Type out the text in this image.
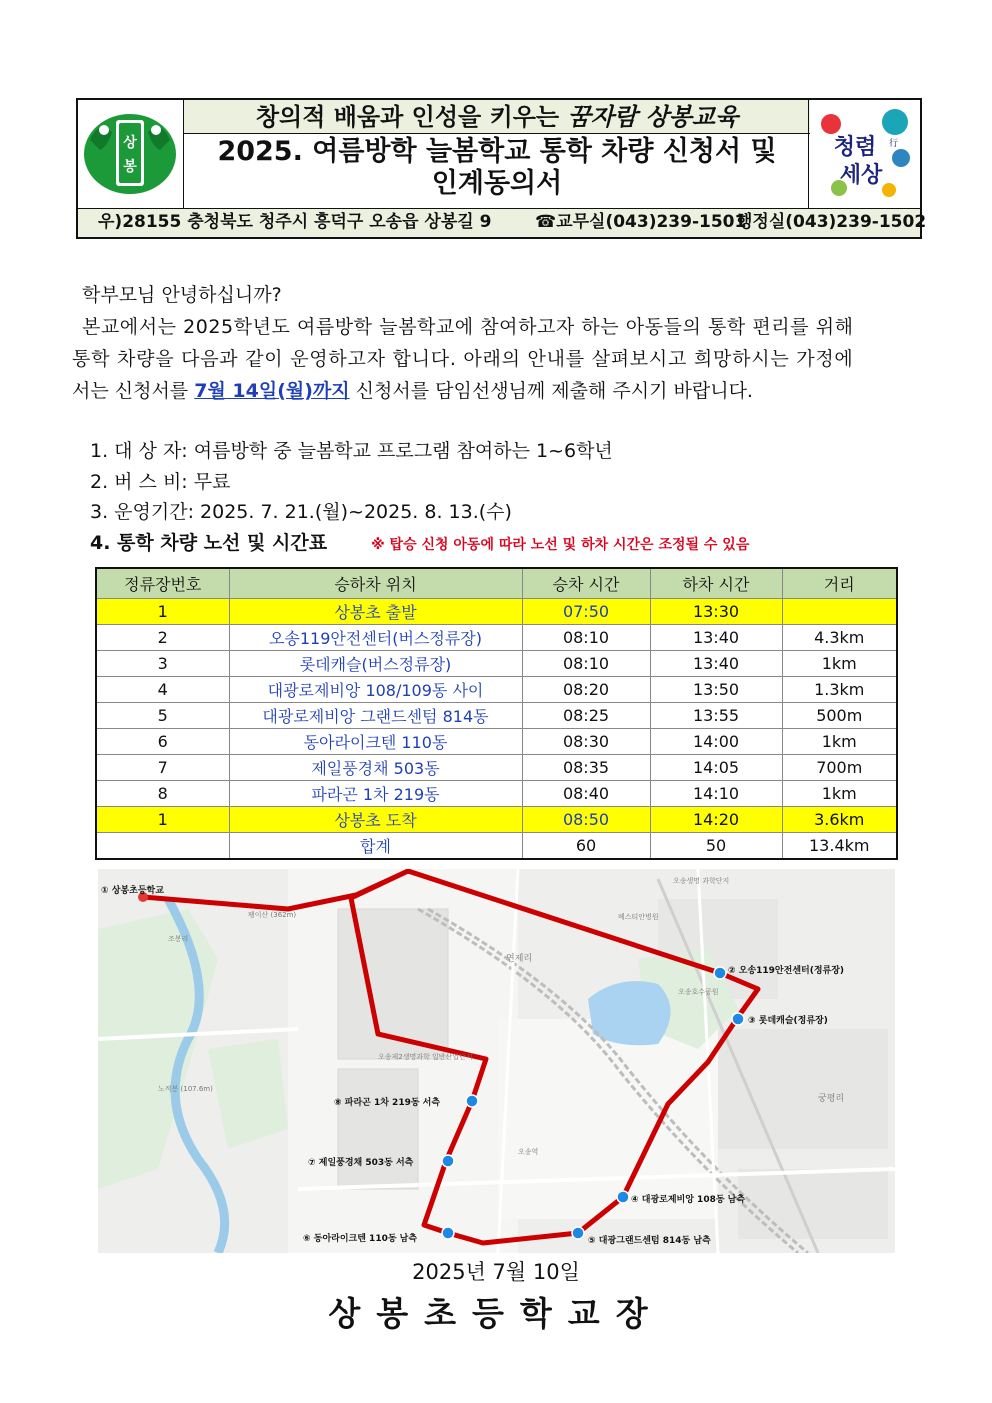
상
봉
창의적 배움과 인성을 키우는 꿈자람 상봉교육
2025. 여름방학 늘봄학교 통학 차량 신청서 및
인계동의서
청렴
세상
行
우)28155 충청북도 청주시 흥덕구 오송읍 상봉길 9	☎교무실(043)239-1501
행정실(043)239-1502
학부모님 안녕하십니까?
본교에서는 2025학년도 여름방학 늘봄학교에 참여하고자 하는 아동들의 통학 편리를 위해
통학 차량을 다음과 같이 운영하고자 합니다. 아래의 안내를 살펴보시고 희망하시는 가정에
서는 신청서를 7월 14일(월)까지 신청서를 담임선생님께 제출해 주시기 바랍니다.
1. 대 상 자: 여름방학 중 늘봄학교 프로그램 참여하는 1~6학년
2. 버 스 비: 무료
3. 운영기간: 2025. 7. 21.(월)~2025. 8. 13.(수)
4. 통학 차량 노선 및 시간표	※ 탑승 신청 아동에 따라 노선 및 하차 시간은 조정될 수 있음
정류장번호	승하차 위치	승차 시간	하차 시간	거리
1	상봉초 출발	07:50	13:30	
2	오송119안전센터(버스정류장)	08:10	13:40	4.3km
3	롯데캐슬(버스정류장)	08:10	13:40	1km
4	대광로제비앙 108/109동 사이	08:20	13:50	1.3km
5	대광로제비앙 그랜드센텀 814동	08:25	13:55	500m
6	동아라이크텐 110동	08:30	14:00	1km
7	제일풍경채 503동	08:35	14:05	700m
8	파라곤 1차 219동	08:40	14:10	1km
1	상봉초 도착	08:50	14:20	3.6km
	합계	60	50	13.4km
연제리
궁평리
조봉리
오송제2생명과학 일반산업단지
오송역
오송생명 과학단지
베스티안병원
오송호수공원
노적봉 (107.6m)
팽이산 (362m)
① 상봉초등학교
② 오송119안전센터(정류장)
③ 롯데캐슬(정류장)
④ 대광로제비앙 108동 남측
⑤ 대광그랜드센텀 814동 남측
⑥ 동아라이크텐 110동 남측
⑦ 제일풍경채 503동 서측
⑧ 파라곤 1차 219동 서측
2025년 7월 10일
상봉초등학교장
